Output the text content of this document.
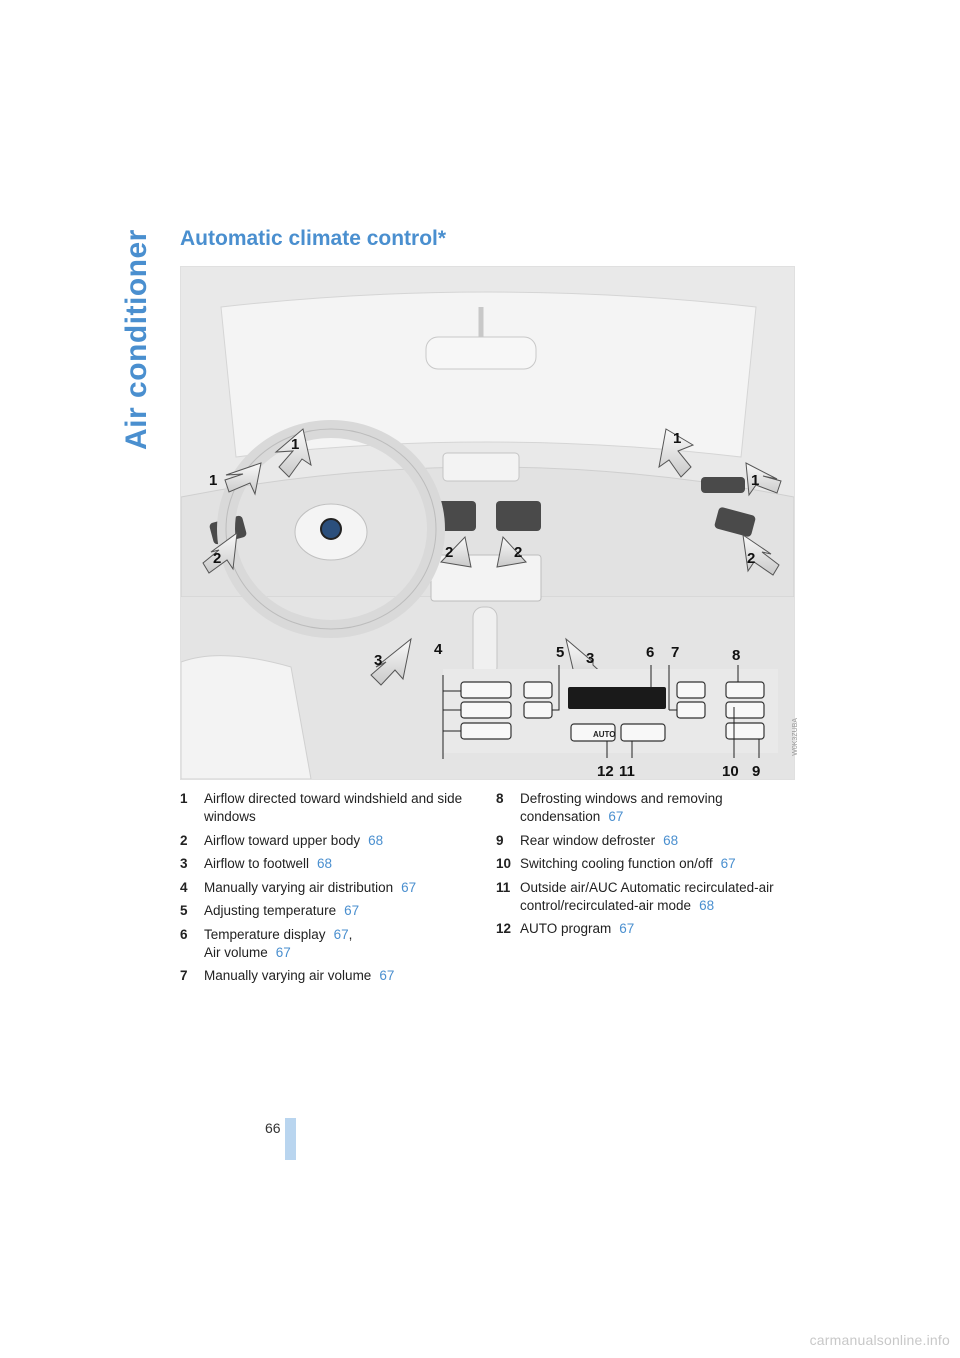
Air conditioner Automatic climate control*
1
1
1
1
2	2	2	2
3	3
4	5	6 7	8
9
10
11
12
AUTO	W0K3ZUBA
1 Airflow directed toward windshield and side windows
2 Airflow toward upper body 68
3 Airflow to footwell 68
4 Manually varying air distribution 67
5 Adjusting temperature 67
6 Temperature display 67,
Air volume 67
7 Manually varying air volume 67
8 Defrosting windows and removing condensation 67
9 Rear window defroster 68
10 Switching cooling function on/off 67
11 Outside air/AUC Automatic recirculated-air control/recirculated-air mode 68
12 AUTO program 67
66
carmanualsonline.info
